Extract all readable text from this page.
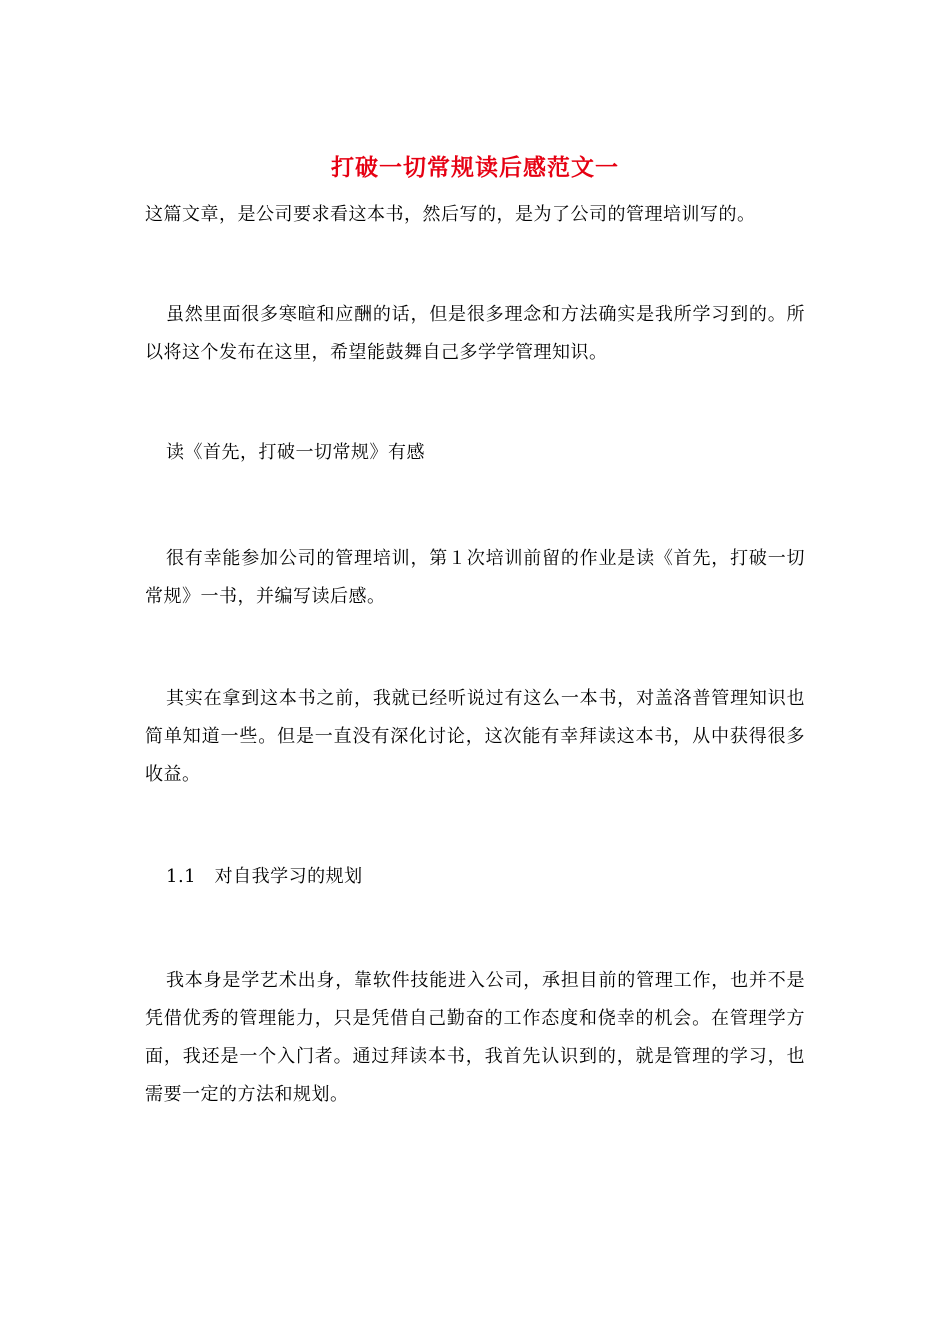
打破一切常规读后感范文一

这篇文章，是公司要求看这本书，然后写的，是为了公司的管理培训写的。

虽然里面很多寒暄和应酬的话，但是很多理念和方法确实是我所学习到的。所以将这个发布在这里，希望能鼓舞自己多学学管理知识。

读《首先，打破一切常规》有感

很有幸能参加公司的管理培训，第１次培训前留的作业是读《首先，打破一切常规》一书，并编写读后感。

其实在拿到这本书之前，我就已经听说过有这么一本书，对盖洛普管理知识也简单知道一些。但是一直没有深化讨论，这次能有幸拜读这本书，从中获得很多收益。

1.1　对自我学习的规划

我本身是学艺术出身，靠软件技能进入公司，承担目前的管理工作，也并不是凭借优秀的管理能力，只是凭借自己勤奋的工作态度和侥幸的机会。在管理学方面，我还是一个入门者。通过拜读本书，我首先认识到的，就是管理的学习，也需要一定的方法和规划。
